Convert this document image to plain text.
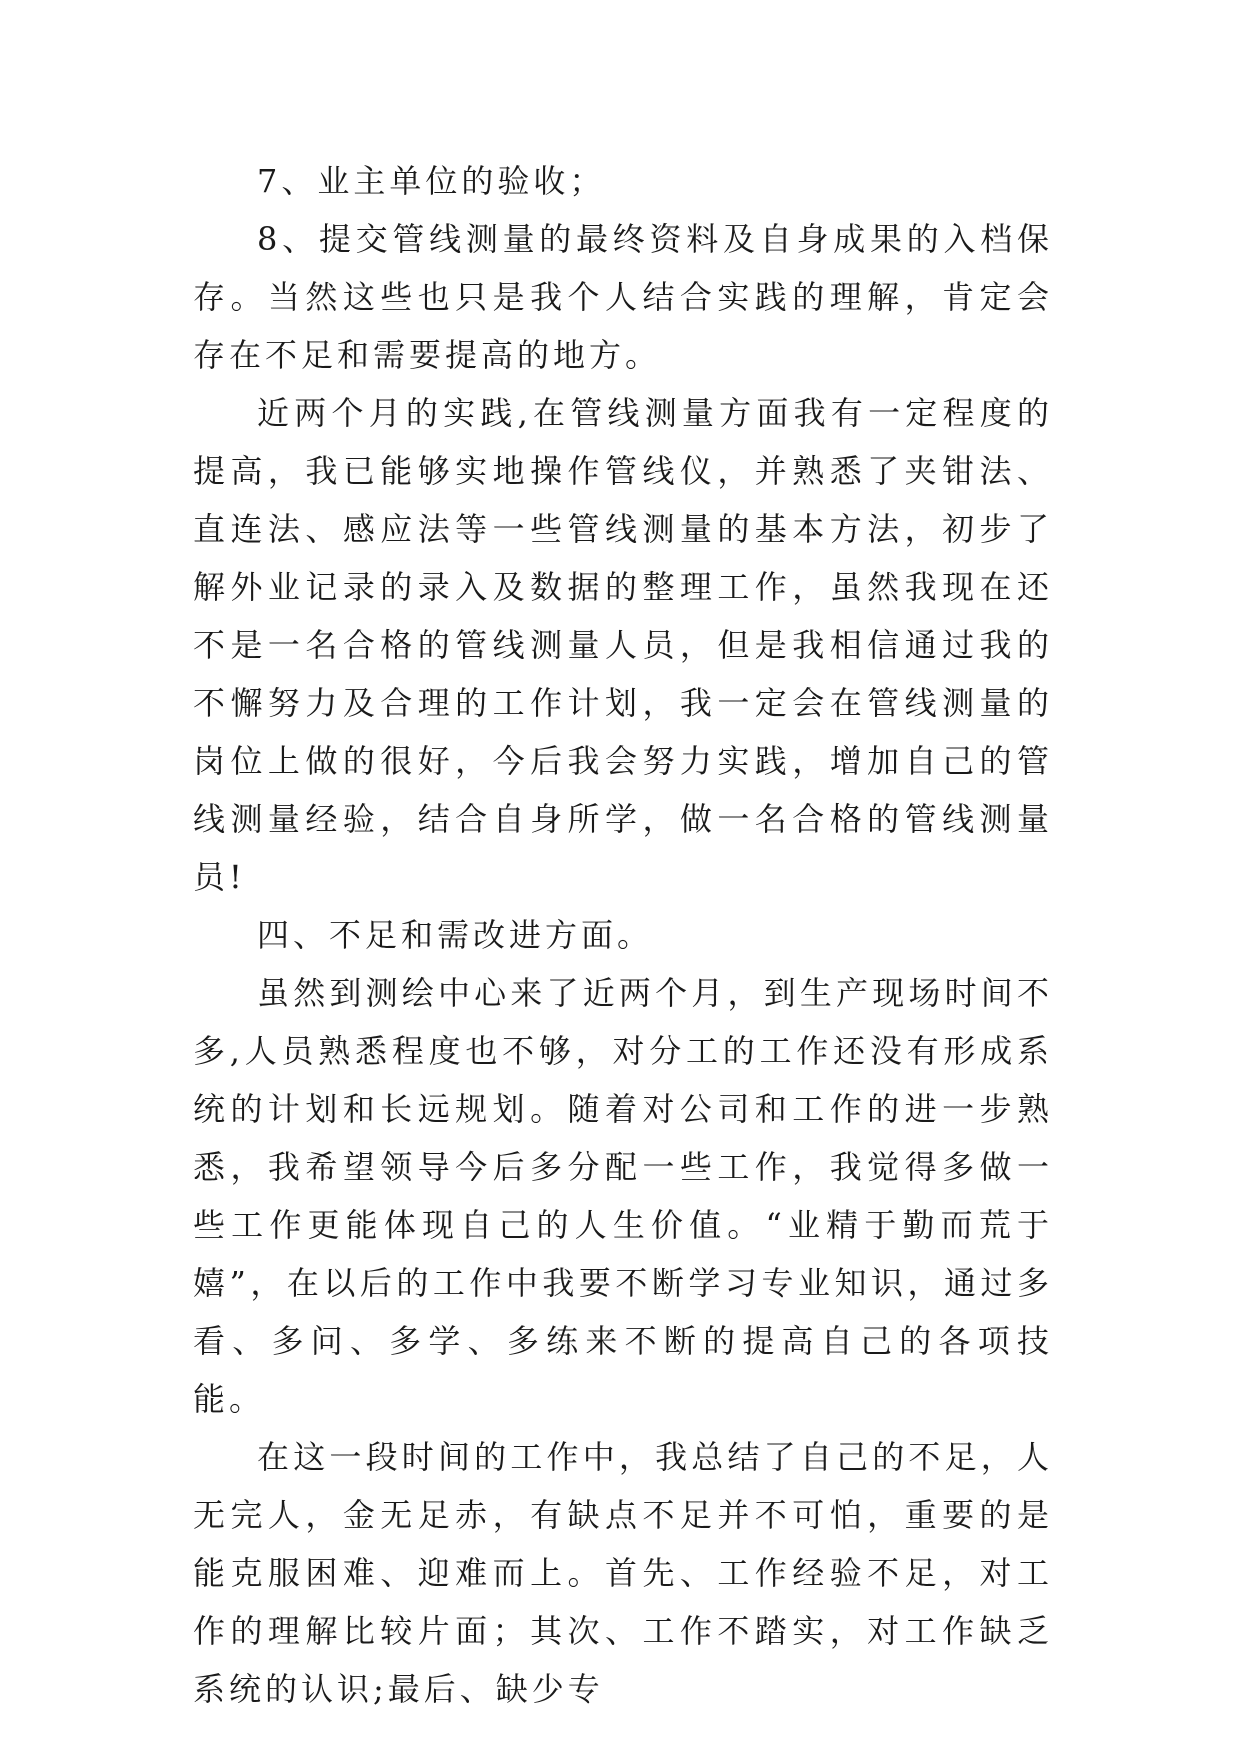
7、业主单位的验收；

8、提交管线测量的最终资料及自身成果的入档保存。当然这些也只是我个人结合实践的理解，肯定会存在不足和需要提高的地方。

近两个月的实践,在管线测量方面我有一定程度的提高，我已能够实地操作管线仪，并熟悉了夹钳法、直连法、感应法等一些管线测量的基本方法，初步了解外业记录的录入及数据的整理工作，虽然我现在还不是一名合格的管线测量人员，但是我相信通过我的不懈努力及合理的工作计划，我一定会在管线测量的岗位上做的很好，今后我会努力实践，增加自己的管线测量经验，结合自身所学，做一名合格的管线测量员!

四、不足和需改进方面。

虽然到测绘中心来了近两个月，到生产现场时间不多,人员熟悉程度也不够，对分工的工作还没有形成系统的计划和长远规划。随着对公司和工作的进一步熟悉，我希望领导今后多分配一些工作，我觉得多做一些工作更能体现自己的人生价值。“业精于勤而荒于嬉”，在以后的工作中我要不断学习专业知识，通过多看、多问、多学、多练来不断的提高自己的各项技能。

在这一段时间的工作中，我总结了自己的不足，人无完人，金无足赤，有缺点不足并不可怕，重要的是能克服困难、迎难而上。首先、工作经验不足，对工作的理解比较片面；其次、工作不踏实，对工作缺乏系统的认识;最后、缺少专
